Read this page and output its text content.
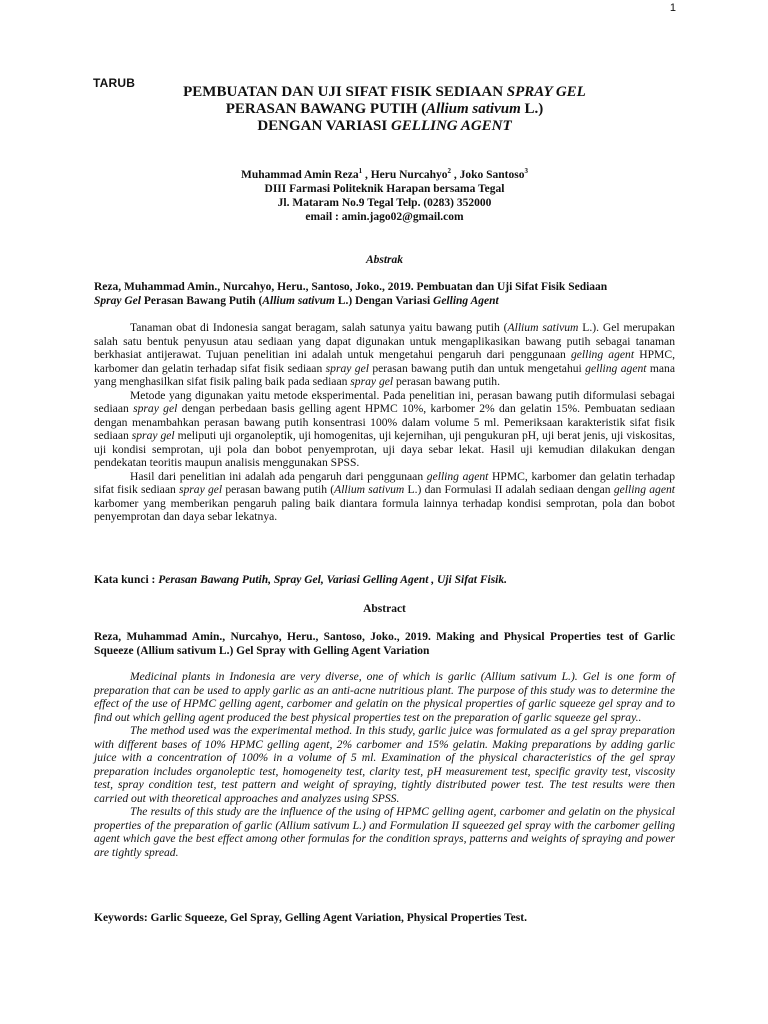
1
TARUB
PEMBUATAN DAN UJI SIFAT FISIK SEDIAAN SPRAY GEL
PERASAN BAWANG PUTIH (Allium sativum L.)
DENGAN VARIASI GELLING AGENT
Muhammad Amin Reza$^1$ , Heru Nurcahyo$^2$ , Joko Santoso$^3$
DIII Farmasi Politeknik Harapan bersama Tegal
Jl. Mataram No.9 Tegal Telp. (0283) 352000
email : amin.jago02@gmail.com
Abstrak
Reza, Muhammad Amin., Nurcahyo, Heru., Santoso, Joko., 2019. Pembuatan dan Uji Sifat Fisik Sediaan
Spray Gel Perasan Bawang Putih (Allium sativum L.) Dengan Variasi Gelling Agent

Tanaman obat di Indonesia sangat beragam, salah satunya yaitu bawang putih (Allium sativum L.). Gel merupakan salah satu bentuk penyusun atau sediaan yang dapat digunakan untuk mengaplikasikan bawang putih sebagai tanaman berkhasiat antijerawat. Tujuan penelitian ini adalah untuk mengetahui pengaruh dari penggunaan gelling agent HPMC, karbomer dan gelatin terhadap sifat fisik sediaan spray gel perasan bawang putih dan untuk mengetahui gelling agent mana yang menghasilkan sifat fisik paling baik pada sediaan spray gel perasan bawang putih.

Metode yang digunakan yaitu metode eksperimental. Pada penelitian ini, perasan bawang putih diformulasi sebagai sediaan spray gel dengan perbedaan basis gelling agent HPMC 10%, karbomer 2% dan gelatin 15%. Pembuatan sediaan dengan menambahkan perasan bawang putih konsentrasi 100% dalam volume 5 ml. Pemeriksaan karakteristik sifat fisik sediaan spray gel meliputi uji organoleptik, uji homogenitas, uji kejernihan, uji pengukuran pH, uji berat jenis, uji viskositas, uji kondisi semprotan, uji pola dan bobot penyemprotan, uji daya sebar lekat. Hasil uji kemudian dilakukan dengan pendekatan teoritis maupun analisis menggunakan SPSS.

Hasil dari penelitian ini adalah ada pengaruh dari penggunaan gelling agent HPMC, karbomer dan gelatin terhadap sifat fisik sediaan spray gel perasan bawang putih (Allium sativum L.) dan Formulasi II adalah sediaan dengan gelling agent karbomer yang memberikan pengaruh paling baik diantara formula lainnya terhadap kondisi semprotan, pola dan bobot penyemprotan dan daya sebar lekatnya.

Kata kunci : Perasan Bawang Putih, Spray Gel, Variasi Gelling Agent , Uji Sifat Fisik.
Abstract
Reza, Muhammad Amin., Nurcahyo, Heru., Santoso, Joko., 2019. Making and Physical Properties test of Garlic Squeeze (Allium sativum L.) Gel Spray with Gelling Agent Variation

Medicinal plants in Indonesia are very diverse, one of which is garlic (Allium sativum L.). Gel is one form of preparation that can be used to apply garlic as an anti-acne nutritious plant. The purpose of this study was to determine the effect of the use of HPMC gelling agent, carbomer and gelatin on the physical properties of garlic squeeze gel spray and to find out which gelling agent produced the best physical properties test on the preparation of garlic squeeze gel spray..

The method used was the experimental method. In this study, garlic juice was formulated as a gel spray preparation with different bases of 10% HPMC gelling agent, 2% carbomer and 15% gelatin. Making preparations by adding garlic juice with a concentration of 100% in a volume of 5 ml. Examination of the physical characteristics of the gel spray preparation includes organoleptic test, homogeneity test, clarity test, pH measurement test, specific gravity test, viscosity test, spray condition test, test pattern and weight of spraying, tightly distributed power test. The test results were then carried out with theoretical approaches and analyzes using SPSS.

The results of this study are the influence of the using of HPMC gelling agent, carbomer and gelatin on the physical properties of the preparation of garlic (Allium sativum L.) and Formulation II squeezed gel spray with the carbomer gelling agent which gave the best effect among other formulas for the condition sprays, patterns and weights of spraying and power are tightly spread.

Keywords: Garlic Squeeze, Gel Spray, Gelling Agent Variation, Physical Properties Test.
